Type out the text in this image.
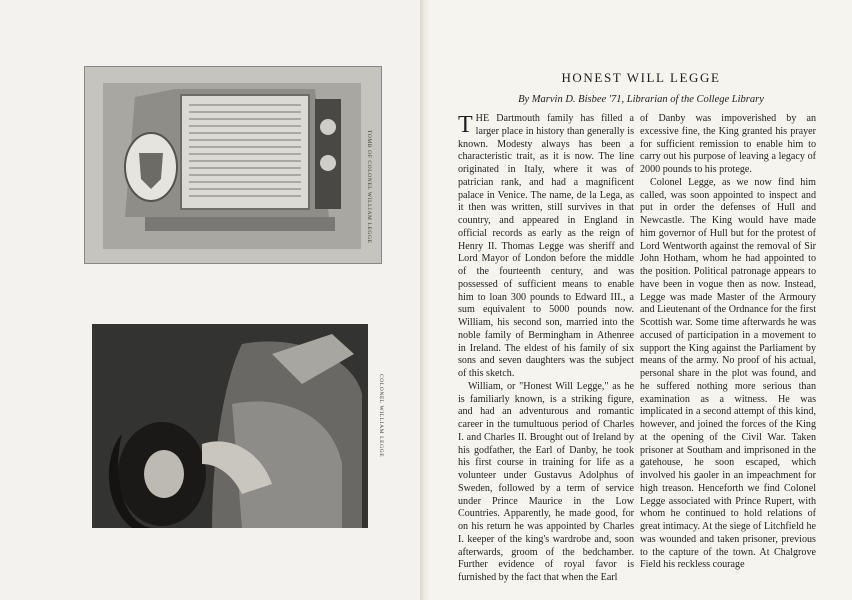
TOMB OF COLONEL WILLIAM LEGGE
COLONEL WILLIAM LEGGE
HONEST WILL LEGGE
By Marvin D. Bisbee '71, Librarian of the College Library

THE Dartmouth family has filled a larger place in history than generally is known. Modesty always has been a characteristic trait, as it is now. The line originated in Italy, where it was of patrician rank, and had a magnificent palace in Venice. The name, de la Lega, as it then was written, still survives in that country, and appeared in England in official records as early as the reign of Henry II. Thomas Legge was sheriff and Lord Mayor of London before the middle of the fourteenth century, and was possessed of sufficient means to enable him to loan 300 pounds to Edward III., a sum equivalent to 5000 pounds now. William, his second son, married into the noble family of Bermingham in Athenree in Ireland. The eldest of his family of six sons and seven daughters was the subject of this sketch.

William, or "Honest Will Legge," as he is familiarly known, is a striking figure, and had an adventurous and romantic career in the tumultuous period of Charles I. and Charles II. Brought out of Ireland by his godfather, the Earl of Danby, he took his first course in training for life as a volunteer under Gustavus Adolphus of Sweden, followed by a term of service under Prince Maurice in the Low Countries. Apparently, he made good, for on his return he was appointed by Charles I. keeper of the king's wardrobe and, soon afterwards, groom of the bedchamber. Further evidence of royal favor is furnished by the fact that when the Earl

of Danby was impoverished by an excessive fine, the King granted his prayer for sufficient remission to enable him to carry out his purpose of leaving a legacy of 2000 pounds to his protege.

Colonel Legge, as we now find him called, was soon appointed to inspect and put in order the defenses of Hull and Newcastle. The King would have made him governor of Hull but for the protest of Lord Wentworth against the removal of Sir John Hotham, whom he had appointed to the position. Political patronage appears to have been in vogue then as now. Instead, Legge was made Master of the Armoury and Lieutenant of the Ordnance for the first Scottish war. Some time afterwards he was accused of participation in a movement to support the King against the Parliament by means of the army. No proof of his actual, personal share in the plot was found, and he suffered nothing more serious than examination as a witness. He was implicated in a second attempt of this kind, however, and joined the forces of the King at the opening of the Civil War. Taken prisoner at Southam and imprisoned in the gatehouse, he soon escaped, which involved his gaoler in an impeachment for high treason. Henceforth we find Colonel Legge associated with Prince Rupert, with whom he continued to hold relations of great intimacy. At the siege of Litchfield he was wounded and taken prisoner, previous to the capture of the town. At Chalgrove Field his reckless courage
